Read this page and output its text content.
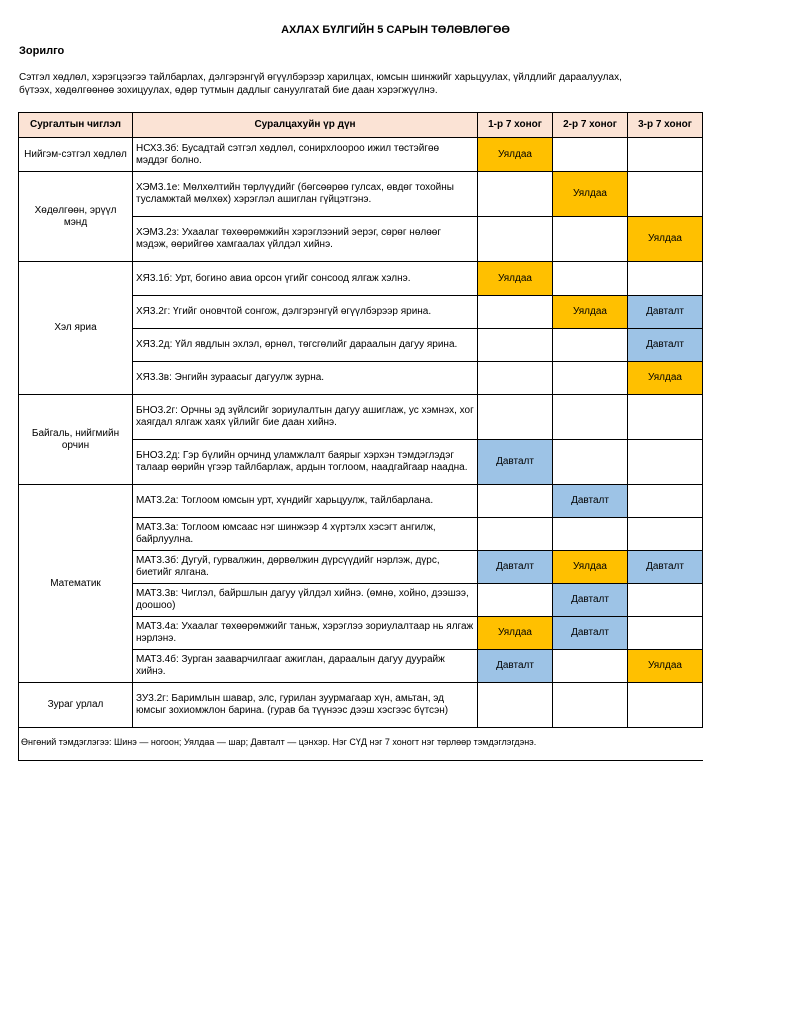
АХЛАХ БҮЛГИЙН 5 САРЫН ТӨЛӨВЛӨГӨӨ
Зорилго
Сэтгэл хөдлөл, хэрэгцээгээ тайлбарлах, дэлгэрэнгүй өгүүлбэрээр харилцах, юмсын шинжийг харьцуулах, үйлдлийг дараалуулах,
бүтээх, хөдөлгөөнөө зохицуулах, өдөр тутмын дадлыг сануулгатай бие даан хэрэгжүүлнэ.
Сургалтын чиглэл	Суралцахуйн үр дүн	1-р 7 хоног	2-р 7 хоног	3-р 7 хоног
Нийгэм-сэтгэл хөдлөл	НСХ3.3б: Бусадтай сэтгэл хөдлөл, сонирхлоороо ижил төстэйгөө мэддэг болно.	Уялдаа		
Хөдөлгөөн, эрүүл мэнд	ХЭМ3.1е: Мөлхөлтийн төрлүүдийг (бөгсөөрөө гулсах, өвдөг тохойны тусламжтай мөлхөх) хэрэглэл ашиглан гүйцэтгэнэ.		Уялдаа	
	ХЭМ3.2з: Ухаалаг төхөөрөмжийн хэрэглээний эерэг, сөрөг нөлөөг мэдэж, өөрийгөө хамгаалах үйлдэл хийнэ.			Уялдаа
Хэл яриа	ХЯ3.1б: Урт, богино авиа орсон үгийг сонсоод ялгаж хэлнэ.	Уялдаа		
	ХЯ3.2г: Үгийг оновчтой сонгож, дэлгэрэнгүй өгүүлбэрээр ярина.		Уялдаа	Давталт
	ХЯ3.2д: Үйл явдлын эхлэл, өрнөл, төгсгөлийг дараалын дагуу ярина.			Давталт
	ХЯ3.3в: Энгийн зураасыг дагуулж зурна.			Уялдаа
Байгаль, нийгмийн орчин	БНО3.2г: Орчны эд зүйлсийг зориулалтын дагуу ашиглаж, ус хэмнэх, хог хаягдал ялгаж хаях үйлийг бие даан хийнэ.			
	БНО3.2д: Гэр бүлийн орчинд уламжлалт баярыг хэрхэн тэмдэглэдэг талаар өөрийн үгээр тайлбарлаж, ардын тоглоом, наадгайгаар наадна.	Давталт		
Математик	МАТ3.2а: Тоглоом юмсын урт, хүндийг харьцуулж, тайлбарлана.		Давталт	
	МАТ3.3а: Тоглоом юмсаас нэг шинжээр 4 хүртэлх хэсэгт ангилж, байрлуулна.			
	МАТ3.3б: Дугуй, гурвалжин, дөрвөлжин дүрсүүдийг нэрлэж, дүрс, биетийг ялгана.	Давталт	Уялдаа	Давталт
	МАТ3.3в: Чиглэл, байршлын дагуу үйлдэл хийнэ. (өмнө, хойно, дээшээ, доошоо)		Давталт	
	МАТ3.4а: Ухаалаг төхөөрөмжийг таньж, хэрэглээ зориулалтаар нь ялгаж нэрлэнэ.	Уялдаа	Давталт	
	МАТ3.4б: Зурган зааварчилгааг ажиглан, дараалын дагуу дуурайж хийнэ.	Давталт		Уялдаа
Зураг урлал	ЗУ3.2г: Баримлын шавар, элс, гурилан зуурмагаар хүн, амьтан, эд юмсыг зохиомжлон барина. (гурав ба түүнээс дээш хэсгээс бүтсэн)			
Өнгөний тэмдэглэгээ: Шинэ — ногоон; Уялдаа — шар; Давталт — цэнхэр. Нэг СҮД нэг 7 хоногт нэг төрлөөр тэмдэглэгдэнэ.				
